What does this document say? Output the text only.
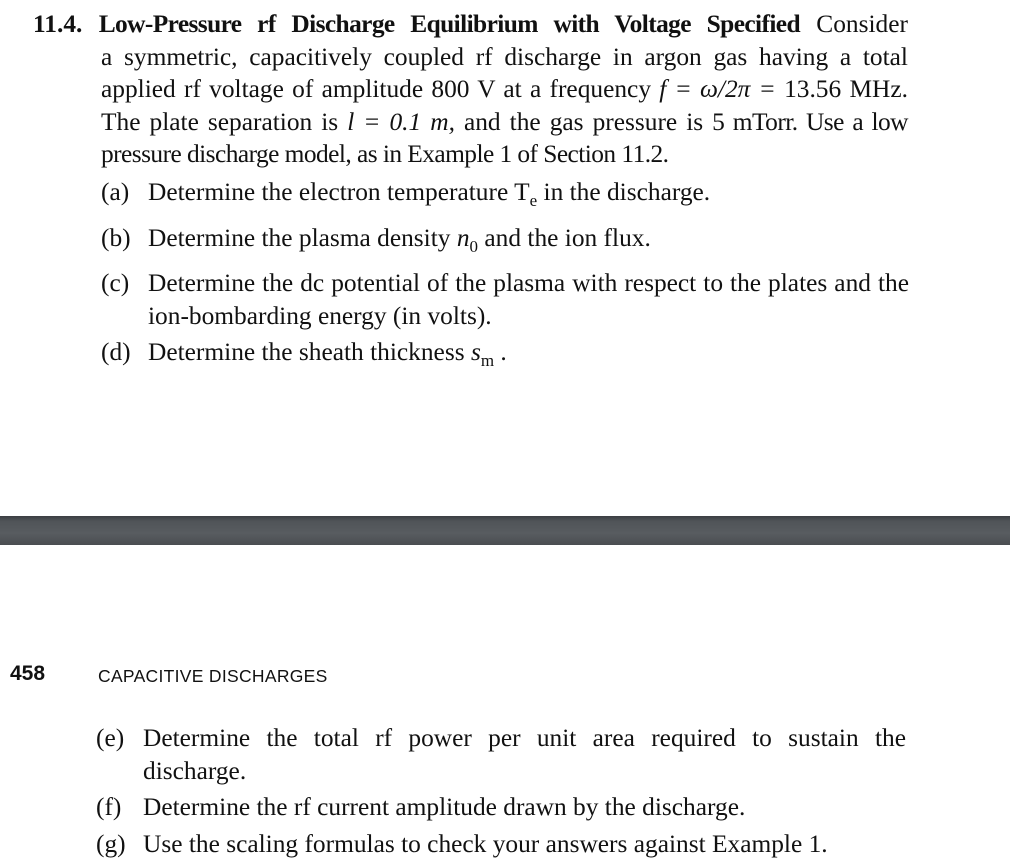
11.4. Low-Pressure rf Discharge Equilibrium with Voltage Specified Consider

a symmetric, capacitively coupled rf discharge in argon gas having a total applied rf voltage of amplitude 800 V at a frequency f = ω/2π = 13.56 MHz. The plate separation is l = 0.1 m, and the gas pressure is 5 mTorr. Use a low pressure discharge model, as in Example 1 of Section 11.2.

(a) Determine the electron temperature $T_e$ in the discharge.
(b) Determine the plasma density $n_0$ and the ion flux.
(c) Determine the dc potential of the plasma with respect to the plates and the ion-bombarding energy (in volts).
(d) Determine the sheath thickness $s_m$ .
458	CAPACITIVE DISCHARGES
(e) Determine the total rf power per unit area required to sustain the discharge.
(f) Determine the rf current amplitude drawn by the discharge.
(g) Use the scaling formulas to check your answers against Example 1.
